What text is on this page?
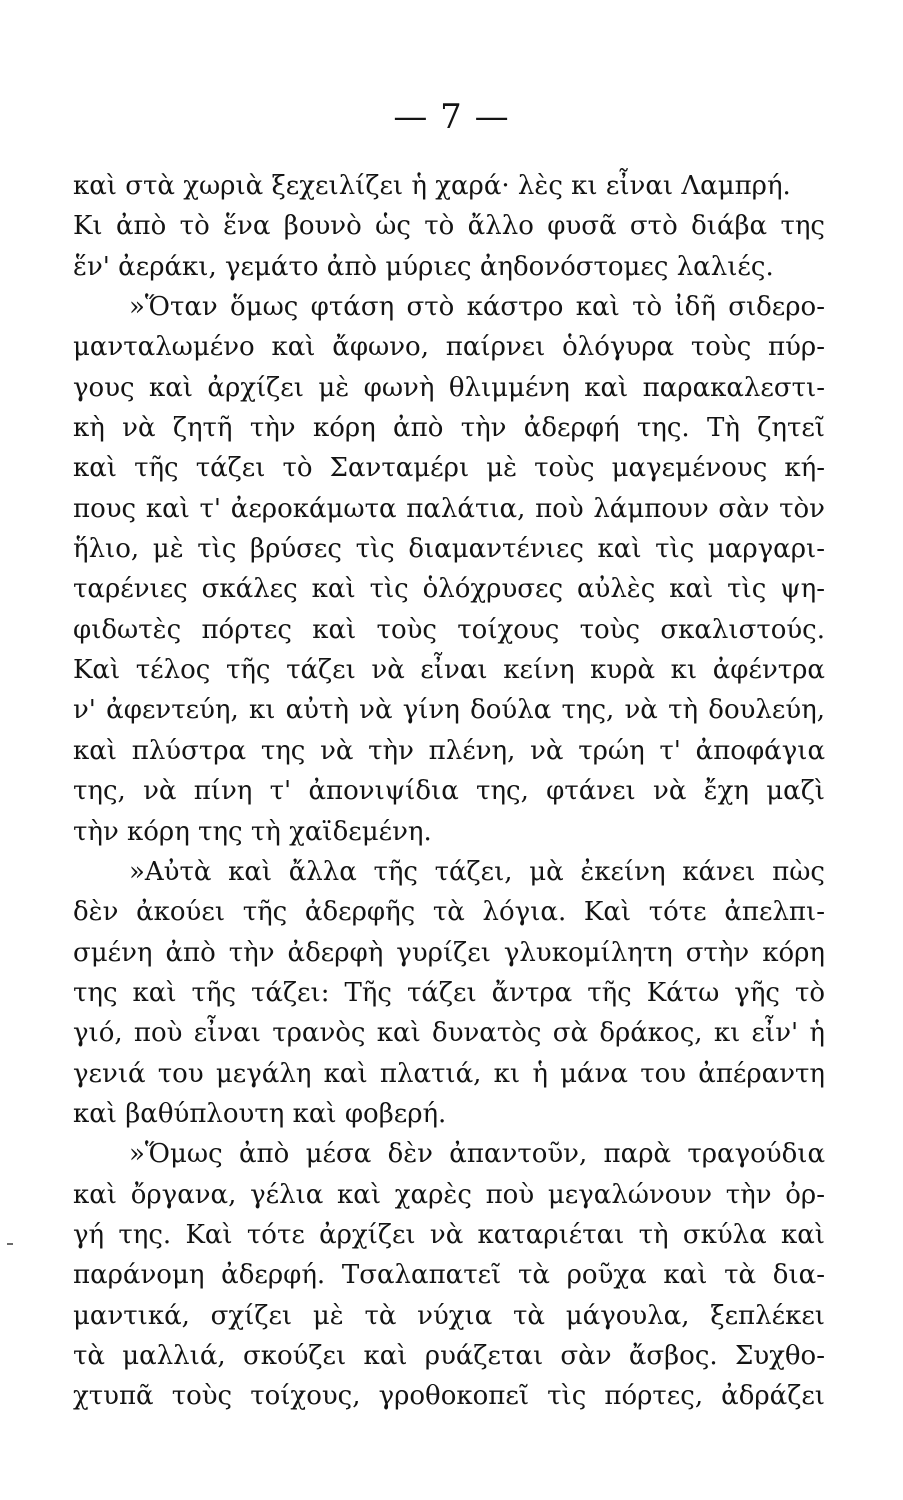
— 7 —
καὶ στὰ χωριὰ ξεχειλίζει ἡ χαρά· λὲς κι εἶναι Λαμπρή.
Κι ἀπὸ τὸ ἕνα βουνὸ ὡς τὸ ἄλλο φυσᾶ στὸ διάβα της
ἕν' ἀεράκι, γεμάτο ἀπὸ μύριες ἀηδονόστομες λαλιές.
»Ὅταν ὅμως φτάση στὸ κάστρο καὶ τὸ ἰδῆ σιδερο-
μανταλωμένο καὶ ἄφωνο, παίρνει ὁλόγυρα τοὺς πύρ-
γους καὶ ἀρχίζει μὲ φωνὴ θλιμμένη καὶ παρακαλεστι-
κὴ νὰ ζητῆ τὴν κόρη ἀπὸ τὴν ἀδερφή της. Τὴ ζητεῖ
καὶ τῆς τάζει τὸ Σανταμέρι μὲ τοὺς μαγεμένους κή-
πους καὶ τ' ἀεροκάμωτα παλάτια, ποὺ λάμπουν σὰν τὸν
ἥλιο, μὲ τὶς βρύσες τὶς διαμαντένιες καὶ τὶς μαργαρι-
ταρένιες σκάλες καὶ τὶς ὁλόχρυσες αὐλὲς καὶ τὶς ψη-
φιδωτὲς πόρτες καὶ τοὺς τοίχους τοὺς σκαλιστούς.
Καὶ τέλος τῆς τάζει νὰ εἶναι κείνη κυρὰ κι ἀφέντρα
ν' ἀφεντεύη, κι αὐτὴ νὰ γίνη δούλα της, νὰ τὴ δουλεύη,
καὶ πλύστρα της νὰ τὴν πλένη, νὰ τρώη τ' ἀποφάγια
της, νὰ πίνη τ' ἀπονιψίδια της, φτάνει νὰ ἔχη μαζὶ
τὴν κόρη της τὴ χαϊδεμένη.
»Αὐτὰ καὶ ἄλλα τῆς τάζει, μὰ ἐκείνη κάνει πὼς
δὲν ἀκούει τῆς ἀδερφῆς τὰ λόγια. Καὶ τότε ἀπελπι-
σμένη ἀπὸ τὴν ἀδερφὴ γυρίζει γλυκομίλητη στὴν κόρη
της καὶ τῆς τάζει: Τῆς τάζει ἄντρα τῆς Κάτω γῆς τὸ
γιό, ποὺ εἶναι τρανὸς καὶ δυνατὸς σὰ δράκος, κι εἶν' ἡ
γενιά του μεγάλη καὶ πλατιά, κι ἡ μάνα του ἀπέραντη
καὶ βαθύπλουτη καὶ φοβερή.
»Ὅμως ἀπὸ μέσα δὲν ἀπαντοῦν, παρὰ τραγούδια
καὶ ὄργανα, γέλια καὶ χαρὲς ποὺ μεγαλώνουν τὴν ὀρ-
γή της. Καὶ τότε ἀρχίζει νὰ καταριέται τὴ σκύλα καὶ
παράνομη ἀδερφή. Τσαλαπατεῖ τὰ ροῦχα καὶ τὰ δια-
μαντικά, σχίζει μὲ τὰ νύχια τὰ μάγουλα, ξεπλέκει
τὰ μαλλιά, σκούζει καὶ ρυάζεται σὰν ἄσβος. Συχθο-
χτυπᾶ τοὺς τοίχους, γροθοκοπεῖ τὶς πόρτες, ἀδράζει
